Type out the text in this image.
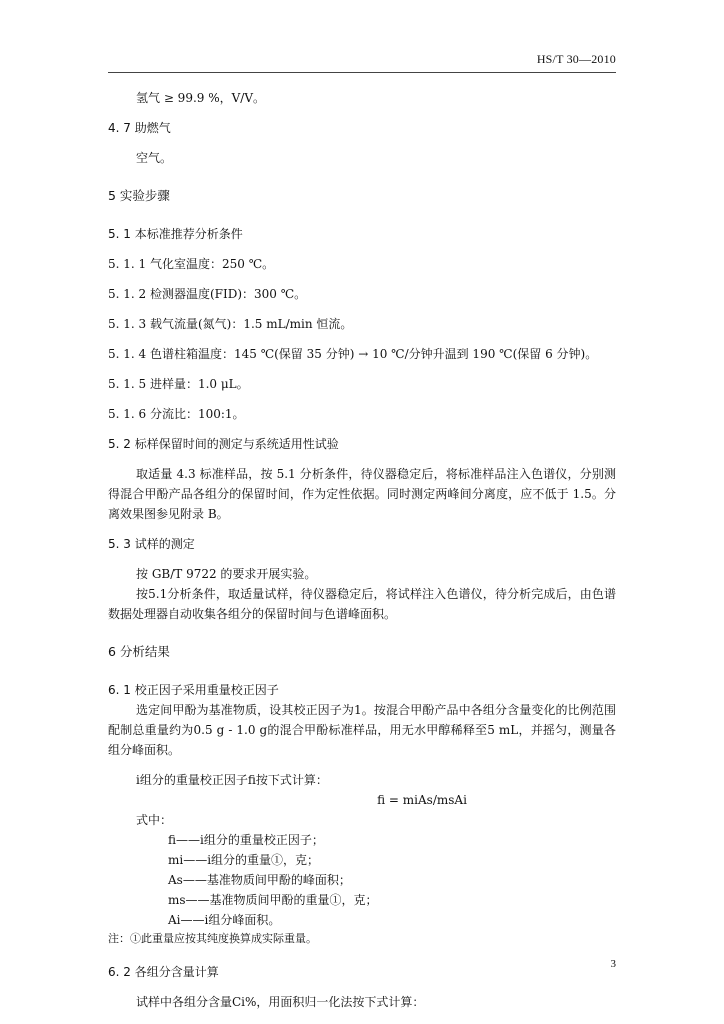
HS/T 30—2010

氢气 ≥ 99.9 %，V/V。

4. 7 助燃气

空气。

5 实验步骤

5. 1 本标准推荐分析条件

5. 1. 1 气化室温度：250 ℃。

5. 1. 2 检测器温度(FID)：300 ℃。

5. 1. 3 载气流量(氮气)：1.5 mL/min 恒流。

5. 1. 4 色谱柱箱温度：145 ℃(保留 35 分钟) → 10 ℃/分钟升温到 190 ℃(保留 6 分钟)。

5. 1. 5 进样量：1.0 μL。

5. 1. 6 分流比：100:1。

5. 2 标样保留时间的测定与系统适用性试验

取适量 4.3 标准样品，按 5.1 分析条件，待仪器稳定后，将标准样品注入色谱仪，分别测得混合甲酚产品各组分的保留时间，作为定性依据。同时测定两峰间分离度，应不低于 1.5。分离效果图参见附录 B。

5. 3 试样的测定

按 GB/T 9722 的要求开展实验。

按5.1分析条件，取适量试样，待仪器稳定后，将试样注入色谱仪，待分析完成后，由色谱数据处理器自动收集各组分的保留时间与色谱峰面积。

6 分析结果

6. 1 校正因子采用重量校正因子

选定间甲酚为基准物质，设其校正因子为1。按混合甲酚产品中各组分含量变化的比例范围配制总重量约为0.5 g - 1.0 g的混合甲酚标准样品，用无水甲醇稀释至5 mL，并摇匀，测量各组分峰面积。

i组分的重量校正因子fi按下式计算：

fi = miAs/msAi

式中：

fi——i组分的重量校正因子；

mi——i组分的重量①，克；

As——基准物质间甲酚的峰面积；

ms——基准物质间甲酚的重量①，克；

Ai——i组分峰面积。

注：①此重量应按其纯度换算成实际重量。

6. 2 各组分含量计算

试样中各组分含量Ci%，用面积归一化法按下式计算：

3
